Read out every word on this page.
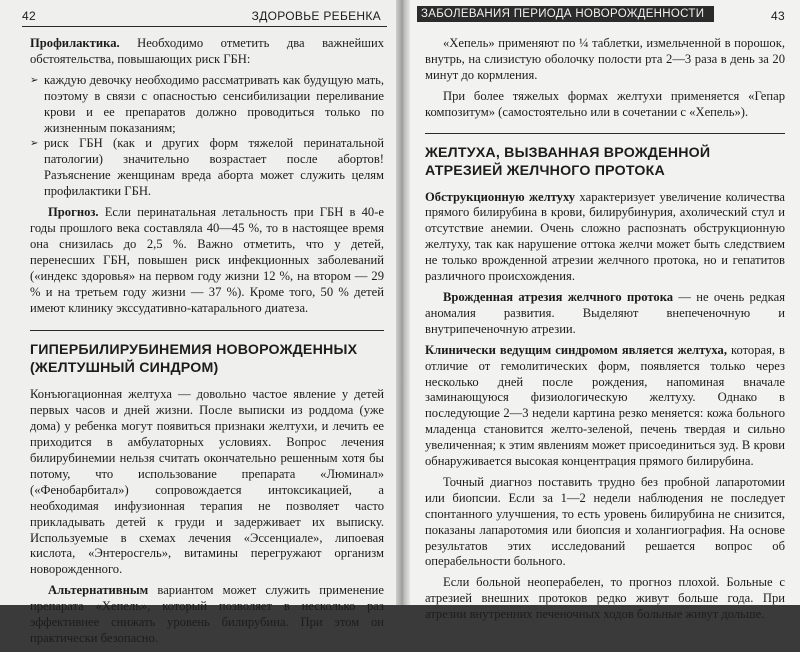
42	ЗДОРОВЬЕ РЕБЕНКА

Профилактика. Необходимо отметить два важнейших обстоятельства, повышающих риск ГБН:

➢ каждую девочку необходимо рассматривать как будущую мать, поэтому в связи с опасностью сенсибилизации переливание крови и ее препаратов должно проводиться только по жизненным показаниям;
➢ риск ГБН (как и других форм тяжелой перинатальной патологии) значительно возрастает после абортов! Разъяснение женщинам вреда аборта может служить целям профилактики ГБН.

Прогноз. Если перинатальная летальность при ГБН в 40-е годы прошлого века составляла 40—45 %, то в настоящее время она снизилась до 2,5 %. Важно отметить, что у детей, перенесших ГБН, повышен риск инфекционных заболеваний («индекс здоровья» на первом году жизни 12 %, на втором — 29 % и на третьем году жизни — 37 %). Кроме того, 50 % детей имеют клинику экссудативно-катарального диатеза.

ГИПЕРБИЛИРУБИНЕМИЯ НОВОРОЖДЕННЫХ (ЖЕЛТУШНЫЙ СИНДРОМ)

Конъюгационная желтуха — довольно частое явление у детей первых часов и дней жизни. После выписки из роддома (уже дома) у ребенка могут появиться признаки желтухи, и лечить ее приходится в амбулаторных условиях. Вопрос лечения билирубинемии нельзя считать окончательно решенным хотя бы потому, что использование препарата «Люминал» («Фенобарбитал») сопровождается интоксикацией, а необходимая инфузионная терапия не позволяет часто прикладывать детей к груди и задерживает их выписку. Используемые в схемах лечения «Эссенциале», липоевая кислота, «Энтеросгель», витамины перегружают организм новорожденного.

Альтернативным вариантом может служить применение препарата «Хепель», который позволяет в несколько раз эффективнее снижать уровень билирубина. При этом он практически безопасно.

ЗАБОЛЕВАНИЯ ПЕРИОДА НОВОРОЖДЕННОСТИ	43

«Хепель» применяют по ¼ таблетки, измельченной в порошок, внутрь, на слизистую оболочку полости рта 2—3 раза в день за 20 минут до кормления.

При более тяжелых формах желтухи применяется «Гепар композитум» (самостоятельно или в сочетании с «Хепель»).

ЖЕЛТУХА, ВЫЗВАННАЯ ВРОЖДЕННОЙ АТРЕЗИЕЙ ЖЕЛЧНОГО ПРОТОКА

Обструкционную желтуху характеризует увеличение количества прямого билирубина в крови, билирубинурия, ахоличеcкий стул и отсутствие анемии. Очень сложно распознать обструкционную желтуху, так как нарушение оттока желчи может быть следствием не только врожденной атрезии желчного протока, но и гепатитов различного происхождения.

Врожденная атрезия желчного протока — не очень редкая аномалия развития. Выделяют внепеченочную и внутрипеченочную атрезии.

Клинически ведущим синдромом является желтуха, которая, в отличие от гемолитических форм, появляется только через несколько дней после рождения, напоминая вначале заминающуюся физиологическую желтуху. Однако в последующие 2—3 недели картина резко меняется: кожа больного младенца становится желто-зеленой, печень твердая и сильно увеличенная; к этим явлениям может присоединиться зуд. В крови обнаруживается высокая концентрация прямого билирубина.

Точный диагноз поставить трудно без пробной лапаротомии или биопсии. Если за 1—2 недели наблюдения не последует спонтанного улучшения, то есть уровень билирубина не снизится, показаны лапаротомия или биопсия и холангиография. На основе результатов этих исследований решается вопрос об операбельности больного.

Если больной неоперабелен, то прогноз плохой. Больные с атрезией внешних протоков редко живут больше года. При атрезии внутренних печеночных ходов больные живут дольше.
